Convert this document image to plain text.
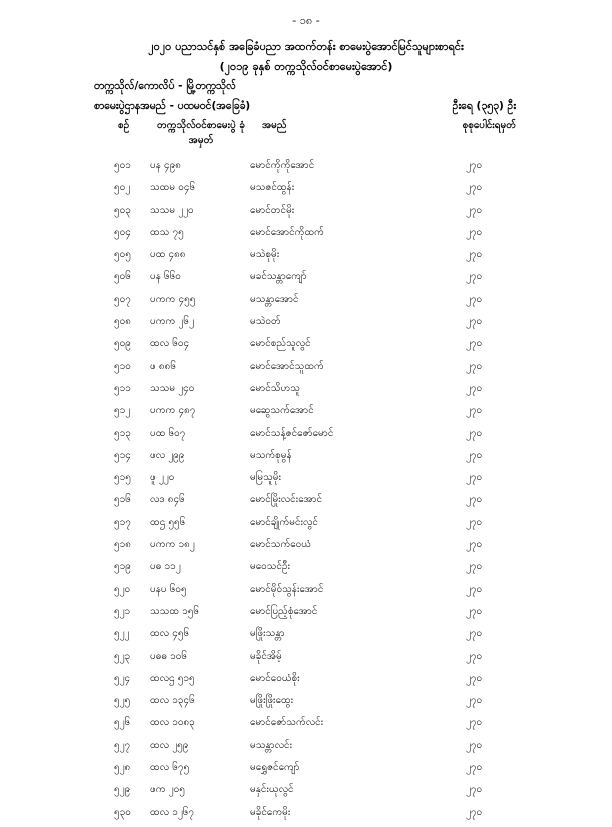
- ၁၈ -
၂၀၂၀ ပညာသင်နှစ် အခြေခံပညာ အထက်တန်း စာမေးပွဲအောင်မြင်သူများစာရင်း
(၂၀၁၉ ခုနှစ် တက္ကသိုလ်ဝင်စာမေးပွဲအောင်)
တက္ကသိုလ်/ကောလိပ် - မြို့တက္ကသိုလ်
စာမေးပွဲဌာနအမည် - ပထမဝင်(အခြေခံ)	ဦးရေ (၃၅၃) ဦး
စဉ်	တက္ကသိုလ်ဝင်စာမေးပွဲ ခုံအမှတ်
အမည်	စုစုပေါင်းရမှတ်
၅၀၁ ပန ၄၉၈	မောင်ကိုကိုအောင်	၂၇၀
၅၀၂ သထမ ၀၄၆	မသဇင်ထွန်း	၂၇၀
၅၀၃ သသမ ၂၂၀	မောင်တင်မိုး	၂၇၀
၅၀၄ ထသ ၇၅	မောင်အောင်ကိုထက်	၂၇၀
၅၀၅ ပထ ၄၈၈	မသဲစုမိုး	၂၇၀
၅၀၆ ပန ၆၆၀	မခင်သန္တာကျော်	၂၇၀
၅၀၇ ပကက ၄၅၅	မသန္တာအောင်	၂၇၀
၅၀၈ ပကက ၂၆၂	မသဲဝတ်	၂၇၀
၅၀၉ ထလ ၆၀၄	မောင်စည်သူလွင်	၂၇၀
၅၁၀ ဖ ၈၈၆	မောင်အောင်သူထက်	၂၇၀
၅၁၁ သသမ ၂၄၀	မောင်သိဟသူ	၂၇၀
၅၁၂ ပကက ၄၈၇	မဆွေသက်အောင်	၂၇၀
၅၁၃ ပထ ၆၀၇	မောင်သန့်ဇင်ဇော်မောင်	၂၇၀
၅၁၄ ဖလ ၂၉၉	မသက်စုမွန်	၂၇၀
၅၁၅ ဖူ ၂၂၀	မမြသူမိုး	၂၇၀
၅၁၆ လဒ ၈၄၆	မောင်မြိုးလင်းအောင်	၂၇၀
၅၁၇ ထဌ ၅၅၆	မောင်ချိုက်မင်းလွင်	၂၇၀
၅၁၈ ပကက ၁၈၂	မောင်သက်ဝေယံ	၂၇၀
၅၁၉ ပဓ ၁၁၂	မဝေသင်ဦး	၂၇၀
၅၂၀ ပနပ ၆၀၅	မောင်မိုဝ်သွန်းအောင်	၂၇၀
၅၂၁ သသထ ၁၅၆	မောင်ပြည့်စုံအောင်	၂၇၀
၅၂၂ ထလ ၄၅၆	မဖြိုးသန္တာ	၂၇၀
၅၂၃ ပဓဓ ၁၀၆	မခိုင်အိမ့်	၂၇၀
၅၂၄ ထလဌ ၅၁၅	မောင်ဝေယံစိုး	၂၇၀
၅၂၅ ထလ ၁၃၄၆	မဖြိုးဖြိုးထွေး	၂၇၀
၅၂၆ ထလ ၁၀၈၃	မောင်ဇော်သက်လင်း	၂၇၀
၅၂၇ ထလ ၂၅၉	မသန္တာလင်း	၂၇၀
၅၂၈ ထလ ၆၇၅	မရွှေဇင်ကျော်	၂၇၀
၅၂၉ ဖက ၂၀၅	မနှင်းယုလွင်	၂၇၀
၅၃၀ ထလ ၁၂၆၇	မခိုင်ကေမိုး	၂၇၀
